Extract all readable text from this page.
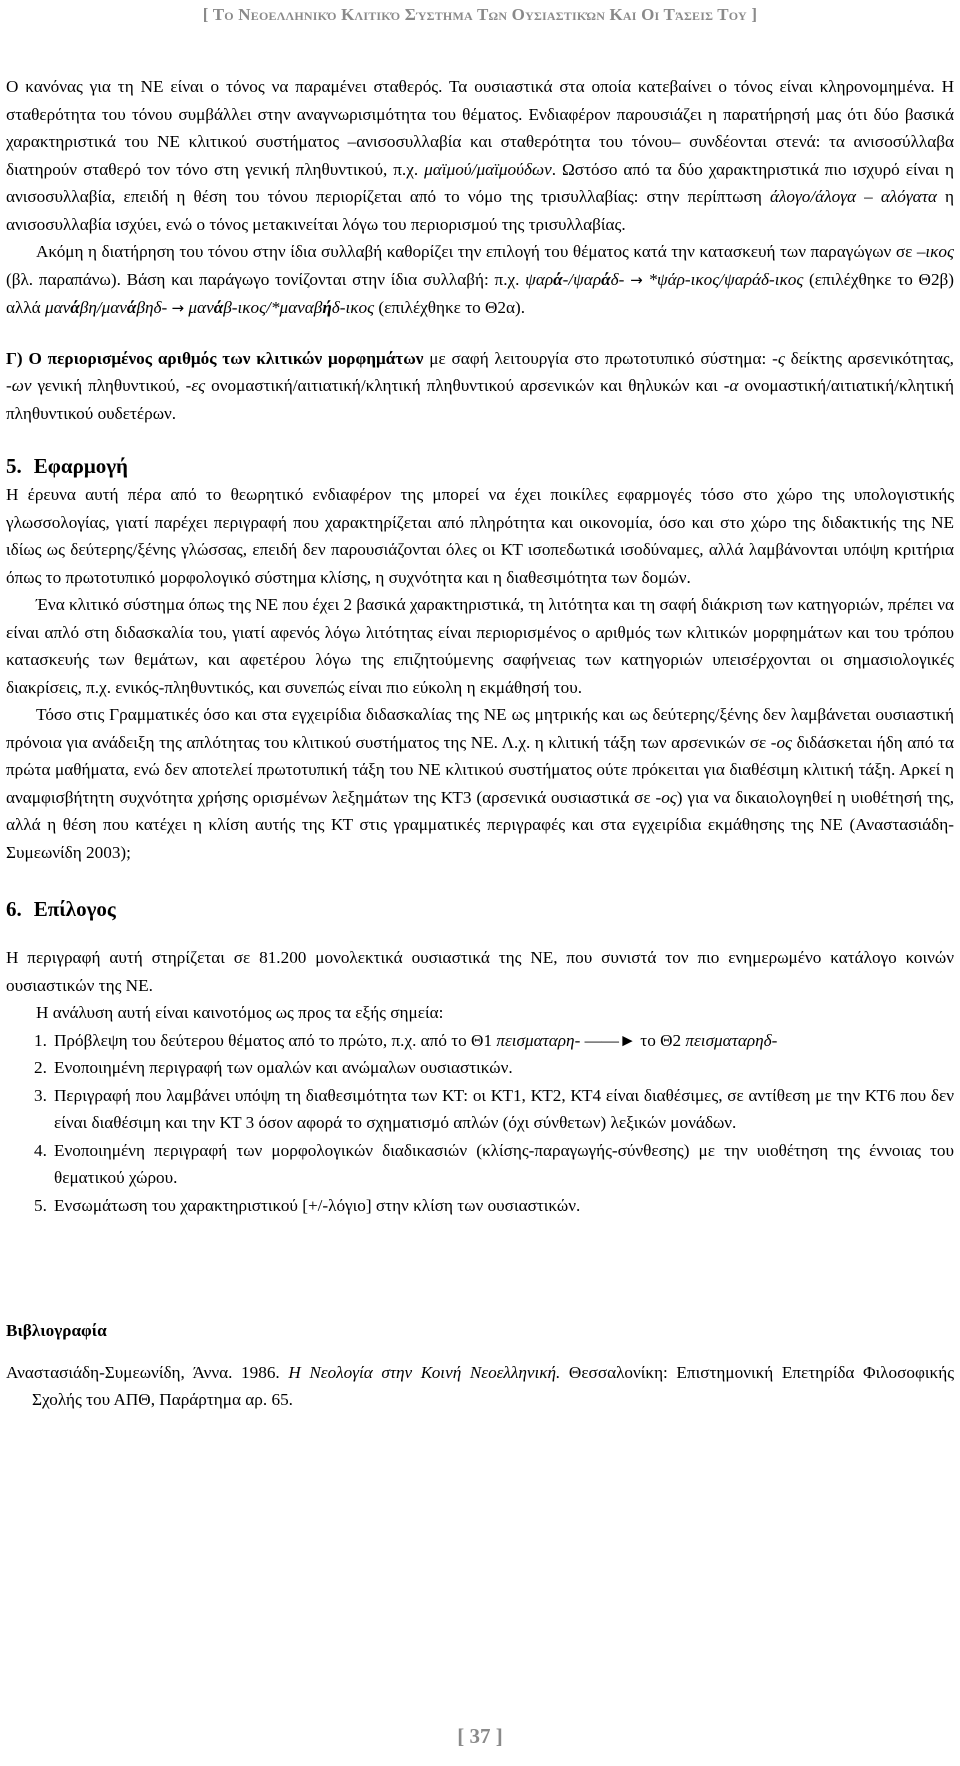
[ Το Νεοελληνικό Κλιτικό Σύστημα Των Ουσιαστικών Και Οι Τάσεις Του ]

Ο κανόνας για τη ΝΕ είναι ο τόνος να παραμένει σταθερός. Τα ουσιαστικά στα οποία κατεβαίνει ο τόνος είναι κληρονομημένα. Η σταθερότητα του τόνου συμβάλλει στην αναγνωρισιμότητα του θέματος. Ενδιαφέρον παρουσιάζει η παρατήρησή μας ότι δύο βασικά χαρακτηριστικά του ΝΕ κλιτικού συστήματος –ανισοσυλλαβία και σταθερότητα του τόνου– συνδέονται στενά: τα ανισοσύλλαβα διατηρούν σταθερό τον τόνο στη γενική πληθυντικού, π.χ. μαϊμού/μαϊμούδων. Ωστόσο από τα δύο χαρακτηριστικά πιο ισχυρό είναι η ανισοσυλλαβία, επειδή η θέση του τόνου περιορίζεται από το νόμο της τρισυλλαβίας: στην περίπτωση άλογο/άλογα – αλόγατα η ανισοσυλλαβία ισχύει, ενώ ο τόνος μετακινείται λόγω του περιορισμού της τρισυλλαβίας.

Ακόμη η διατήρηση του τόνου στην ίδια συλλαβή καθορίζει την επιλογή του θέματος κατά την κατασκευή των παραγώγων σε –ικος (βλ. παραπάνω). Βάση και παράγωγο τονίζονται στην ίδια συλλαβή: π.χ. ψαρά-/ψαράδ- → *ψάρ-ικος/ψαράδ-ικος (επιλέχθηκε το Θ2β) αλλά μανάβη/μανάβηδ- → μανάβ-ικος/*μαναβήδ-ικος (επιλέχθηκε το Θ2α).

Γ) Ο περιορισμένος αριθμός των κλιτικών μορφημάτων με σαφή λειτουργία στο πρωτοτυπικό σύστημα: -ς δείκτης αρσενικότητας, -ων γενική πληθυντικού, -ες ονομαστική/αιτιατική/κλητική πληθυντικού αρσενικών και θηλυκών και -α ονομαστική/αιτιατική/κλητική πληθυντικού ουδετέρων.

5. Εφαρμογή

Η έρευνα αυτή πέρα από το θεωρητικό ενδιαφέρον της μπορεί να έχει ποικίλες εφαρμογές τόσο στο χώρο της υπολογιστικής γλωσσολογίας, γιατί παρέχει περιγραφή που χαρακτηρίζεται από πληρότητα και οικονομία, όσο και στο χώρο της διδακτικής της ΝΕ ιδίως ως δεύτερης/ξένης γλώσσας, επειδή δεν παρουσιάζονται όλες οι ΚΤ ισοπεδωτικά ισοδύναμες, αλλά λαμβάνονται υπόψη κριτήρια όπως το πρωτοτυπικό μορφολογικό σύστημα κλίσης, η συχνότητα και η διαθεσιμότητα των δομών.

Ένα κλιτικό σύστημα όπως της ΝΕ που έχει 2 βασικά χαρακτηριστικά, τη λιτότητα και τη σαφή διάκριση των κατηγοριών, πρέπει να είναι απλό στη διδασκαλία του, γιατί αφενός λόγω λιτότητας είναι περιορισμένος ο αριθμός των κλιτικών μορφημάτων και του τρόπου κατασκευής των θεμάτων, και αφετέρου λόγω της επιζητούμενης σαφήνειας των κατηγοριών υπεισέρχονται οι σημασιολογικές διακρίσεις, π.χ. ενικός-πληθυντικός, και συνεπώς είναι πιο εύκολη η εκμάθησή του.

Τόσο στις Γραμματικές όσο και στα εγχειρίδια διδασκαλίας της ΝΕ ως μητρικής και ως δεύτερης/ξένης δεν λαμβάνεται ουσιαστική πρόνοια για ανάδειξη της απλότητας του κλιτικού συστήματος της ΝΕ. Λ.χ. η κλιτική τάξη των αρσενικών σε -ος διδάσκεται ήδη από τα πρώτα μαθήματα, ενώ δεν αποτελεί πρωτοτυπική τάξη του ΝΕ κλιτικού συστήματος ούτε πρόκειται για διαθέσιμη κλιτική τάξη. Αρκεί η αναμφισβήτητη συχνότητα χρήσης ορισμένων λεξημάτων της ΚΤ3 (αρσενικά ουσιαστικά σε -ος) για να δικαιολογηθεί η υιοθέτησή της, αλλά η θέση που κατέχει η κλίση αυτής της ΚΤ στις γραμματικές περιγραφές και στα εγχειρίδια εκμάθησης της ΝΕ (Αναστασιάδη-Συμεωνίδη 2003);

6. Επίλογος

Η περιγραφή αυτή στηρίζεται σε 81.200 μονολεκτικά ουσιαστικά της ΝΕ, που συνιστά τον πιο ενημερωμένο κατάλογο κοινών ουσιαστικών της ΝΕ.

Η ανάλυση αυτή είναι καινοτόμος ως προς τα εξής σημεία:

1. Πρόβλεψη του δεύτερου θέματος από το πρώτο, π.χ. από το Θ1 πεισματαρη- ——► το Θ2 πεισματαρηδ-
2. Ενοποιημένη περιγραφή των ομαλών και ανώμαλων ουσιαστικών.
3. Περιγραφή που λαμβάνει υπόψη τη διαθεσιμότητα των ΚΤ: οι ΚΤ1, ΚΤ2, ΚΤ4 είναι διαθέσιμες, σε αντίθεση με την ΚΤ6 που δεν είναι διαθέσιμη και την ΚΤ 3 όσον αφορά το σχηματισμό απλών (όχι σύνθετων) λεξικών μονάδων.
4. Ενοποιημένη περιγραφή των μορφολογικών διαδικασιών (κλίσης-παραγωγής-σύνθεσης) με την υιοθέτηση της έννοιας του θεματικού χώρου.
5. Ενσωμάτωση του χαρακτηριστικού [+/-λόγιο] στην κλίση των ουσιαστικών.

Βιβλιογραφία

Αναστασιάδη-Συμεωνίδη, Άννα. 1986. Η Νεολογία στην Κοινή Νεοελληνική. Θεσσαλονίκη: Επιστημονική Επετηρίδα Φιλοσοφικής Σχολής του ΑΠΘ, Παράρτημα αρ. 65.

[ 37 ]
